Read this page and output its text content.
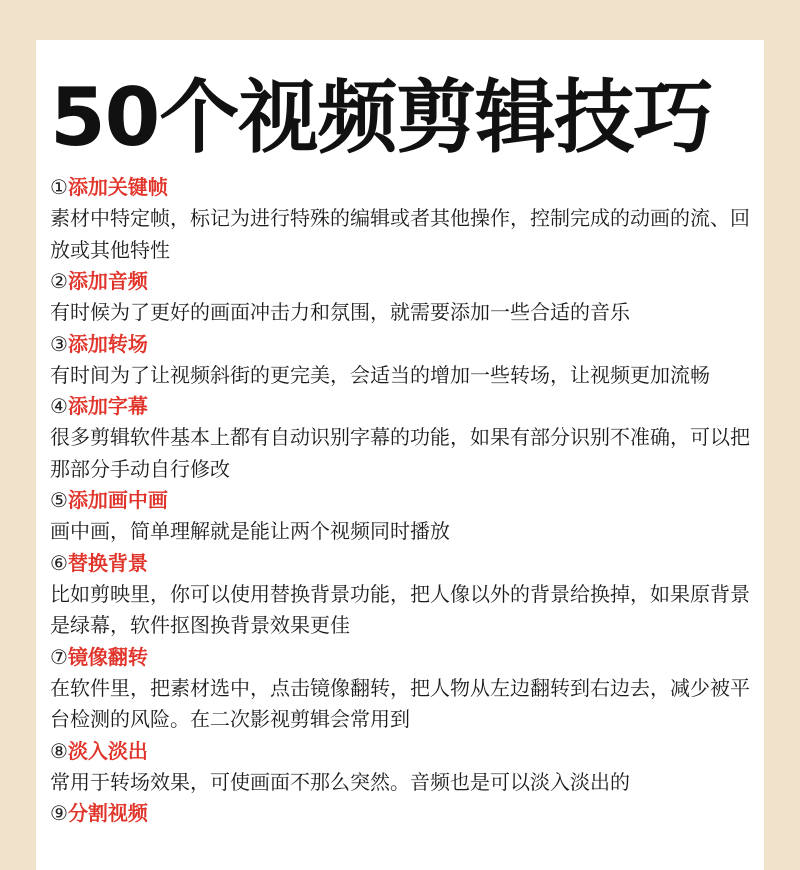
50个视频剪辑技巧
①添加关键帧

素材中特定帧，标记为进行特殊的编辑或者其他操作，控制完成的动画的流、回放或其他特性

②添加音频

有时候为了更好的画面冲击力和氛围，就需要添加一些合适的音乐

③添加转场

有时间为了让视频斜街的更完美，会适当的增加一些转场，让视频更加流畅

④添加字幕

很多剪辑软件基本上都有自动识别字幕的功能，如果有部分识别不准确，可以把那部分手动自行修改

⑤添加画中画

画中画，简单理解就是能让两个视频同时播放

⑥替换背景

比如剪映里，你可以使用替换背景功能，把人像以外的背景给换掉，如果原背景是绿幕，软件抠图换背景效果更佳

⑦镜像翻转

在软件里，把素材选中，点击镜像翻转，把人物从左边翻转到右边去，减少被平台检测的风险。在二次影视剪辑会常用到

⑧淡入淡出

常用于转场效果，可使画面不那么突然。音频也是可以淡入淡出的

⑨分割视频
